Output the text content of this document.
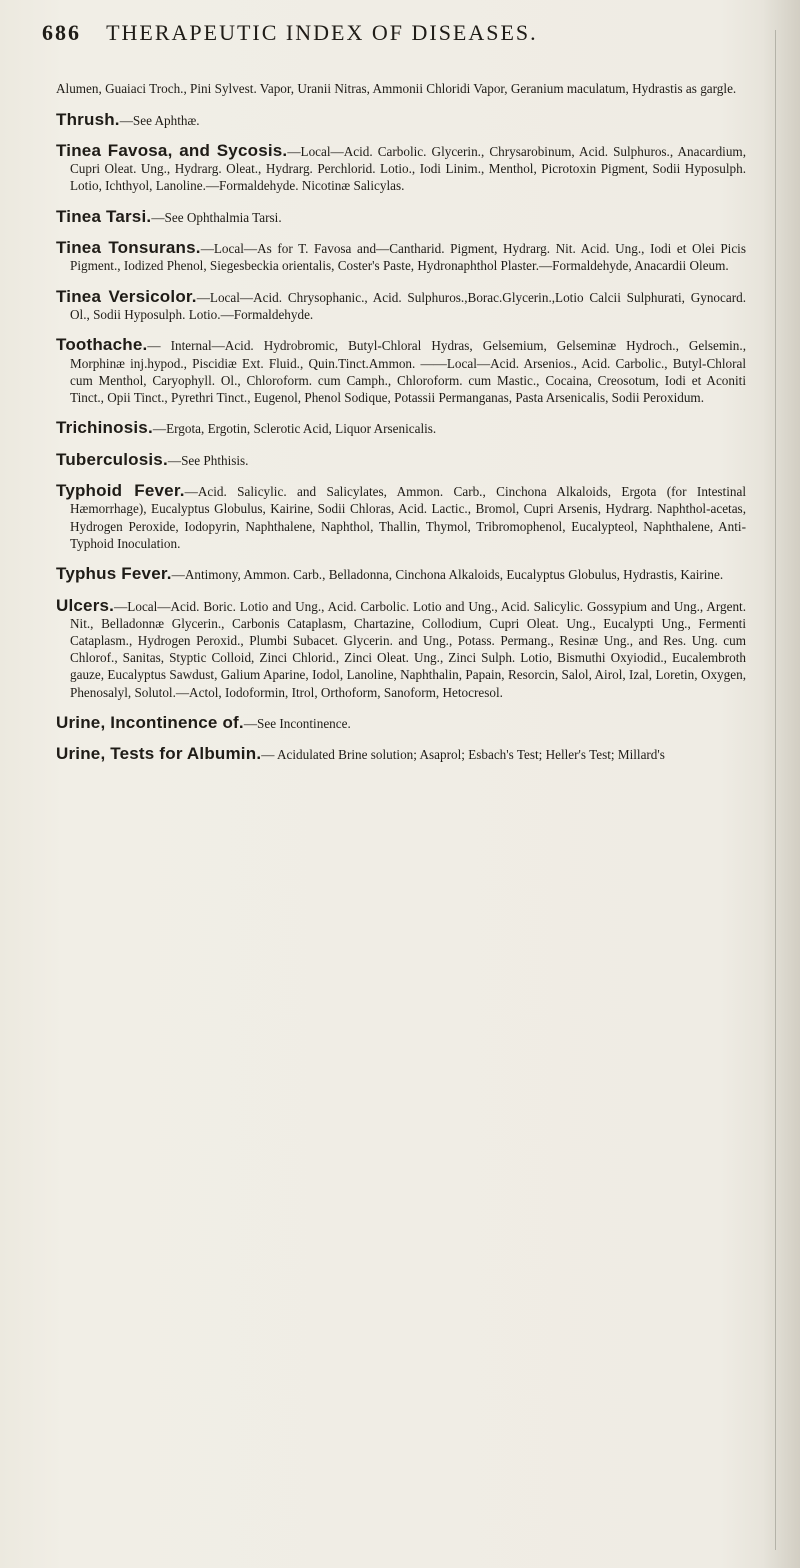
686 THERAPEUTIC INDEX OF DISEASES.

Alumen, Guaiaci Troch., Pini Sylvest. Vapor, Uranii Nitras, Ammonii Chloridi Vapor, Geranium maculatum, Hydrastis as gargle.

Thrush.—See Aphthæ.

Tinea Favosa, and Sycosis.—Local—Acid. Carbolic. Glycerin., Chrysarobinum, Acid. Sulphuros., Anacardium, Cupri Oleat. Ung., Hydrarg. Oleat., Hydrarg. Perchlorid. Lotio., Iodi Linim., Menthol, Picrotoxin Pigment, Sodii Hyposulph. Lotio, Ichthyol, Lanoline.—Formaldehyde. Nicotinæ Salicylas.

Tinea Tarsi.—See Ophthalmia Tarsi.

Tinea Tonsurans.—Local—As for T. Favosa and—Cantharid. Pigment, Hydrarg. Nit. Acid. Ung., Iodi et Olei Picis Pigment., Iodized Phenol, Siegesbeckia orientalis, Coster's Paste, Hydronaphthol Plaster.—Formaldehyde, Anacardii Oleum.

Tinea Versicolor.—Local—Acid. Chrysophanic., Acid. Sulphuros.,Borac.Glycerin.,Lotio Calcii Sulphurati, Gynocard. Ol., Sodii Hyposulph. Lotio.—Formaldehyde.

Toothache.— Internal—Acid. Hydrobromic, Butyl-Chloral Hydras, Gelsemium, Gelseminæ Hydroch., Gelsemin., Morphinæ inj.hypod., Piscidiæ Ext. Fluid., Quin.Tinct.Ammon. ——Local—Acid. Arsenios., Acid. Carbolic., Butyl-Chloral cum Menthol, Caryophyll. Ol., Chloroform. cum Camph., Chloroform. cum Mastic., Cocaina, Creosotum, Iodi et Aconiti Tinct., Opii Tinct., Pyrethri Tinct., Eugenol, Phenol Sodique, Potassii Permanganas, Pasta Arsenicalis, Sodii Peroxidum.

Trichinosis.—Ergota, Ergotin, Sclerotic Acid, Liquor Arsenicalis.

Tuberculosis.—See Phthisis.

Typhoid Fever.—Acid. Salicylic. and Salicylates, Ammon. Carb., Cinchona Alkaloids, Ergota (for Intestinal Hæmorrhage), Eucalyptus Globulus, Kairine, Sodii Chloras, Acid. Lactic., Bromol, Cupri Arsenis, Hydrarg. Naphthol-acetas, Hydrogen Peroxide, Iodopyrin, Naphthalene, Naphthol, Thallin, Thymol, Tribromophenol, Eucalypteol, Naphthalene, Anti-Typhoid Inoculation.

Typhus Fever.—Antimony, Ammon. Carb., Belladonna, Cinchona Alkaloids, Eucalyptus Globulus, Hydrastis, Kairine.

Ulcers.—Local—Acid. Boric. Lotio and Ung., Acid. Carbolic. Lotio and Ung., Acid. Salicylic. Gossypium and Ung., Argent. Nit., Belladonnæ Glycerin., Carbonis Cataplasm, Chartazine, Collodium, Cupri Oleat. Ung., Eucalypti Ung., Fermenti Cataplasm., Hydrogen Peroxid., Plumbi Subacet. Glycerin. and Ung., Potass. Permang., Resinæ Ung., and Res. Ung. cum Chlorof., Sanitas, Styptic Colloid, Zinci Chlorid., Zinci Oleat. Ung., Zinci Sulph. Lotio, Bismuthi Oxyiodid., Eucalembroth gauze, Eucalyptus Sawdust, Galium Aparine, Iodol, Lanoline, Naphthalin, Papain, Resorcin, Salol, Airol, Izal, Loretin, Oxygen, Phenosalyl, Solutol.—Actol, Iodoformin, Itrol, Orthoform, Sanoform, Hetocresol.

Urine, Incontinence of.—See Incontinence.

Urine, Tests for Albumin.— Acidulated Brine solution; Asaprol; Esbach's Test; Heller's Test; Millard's
